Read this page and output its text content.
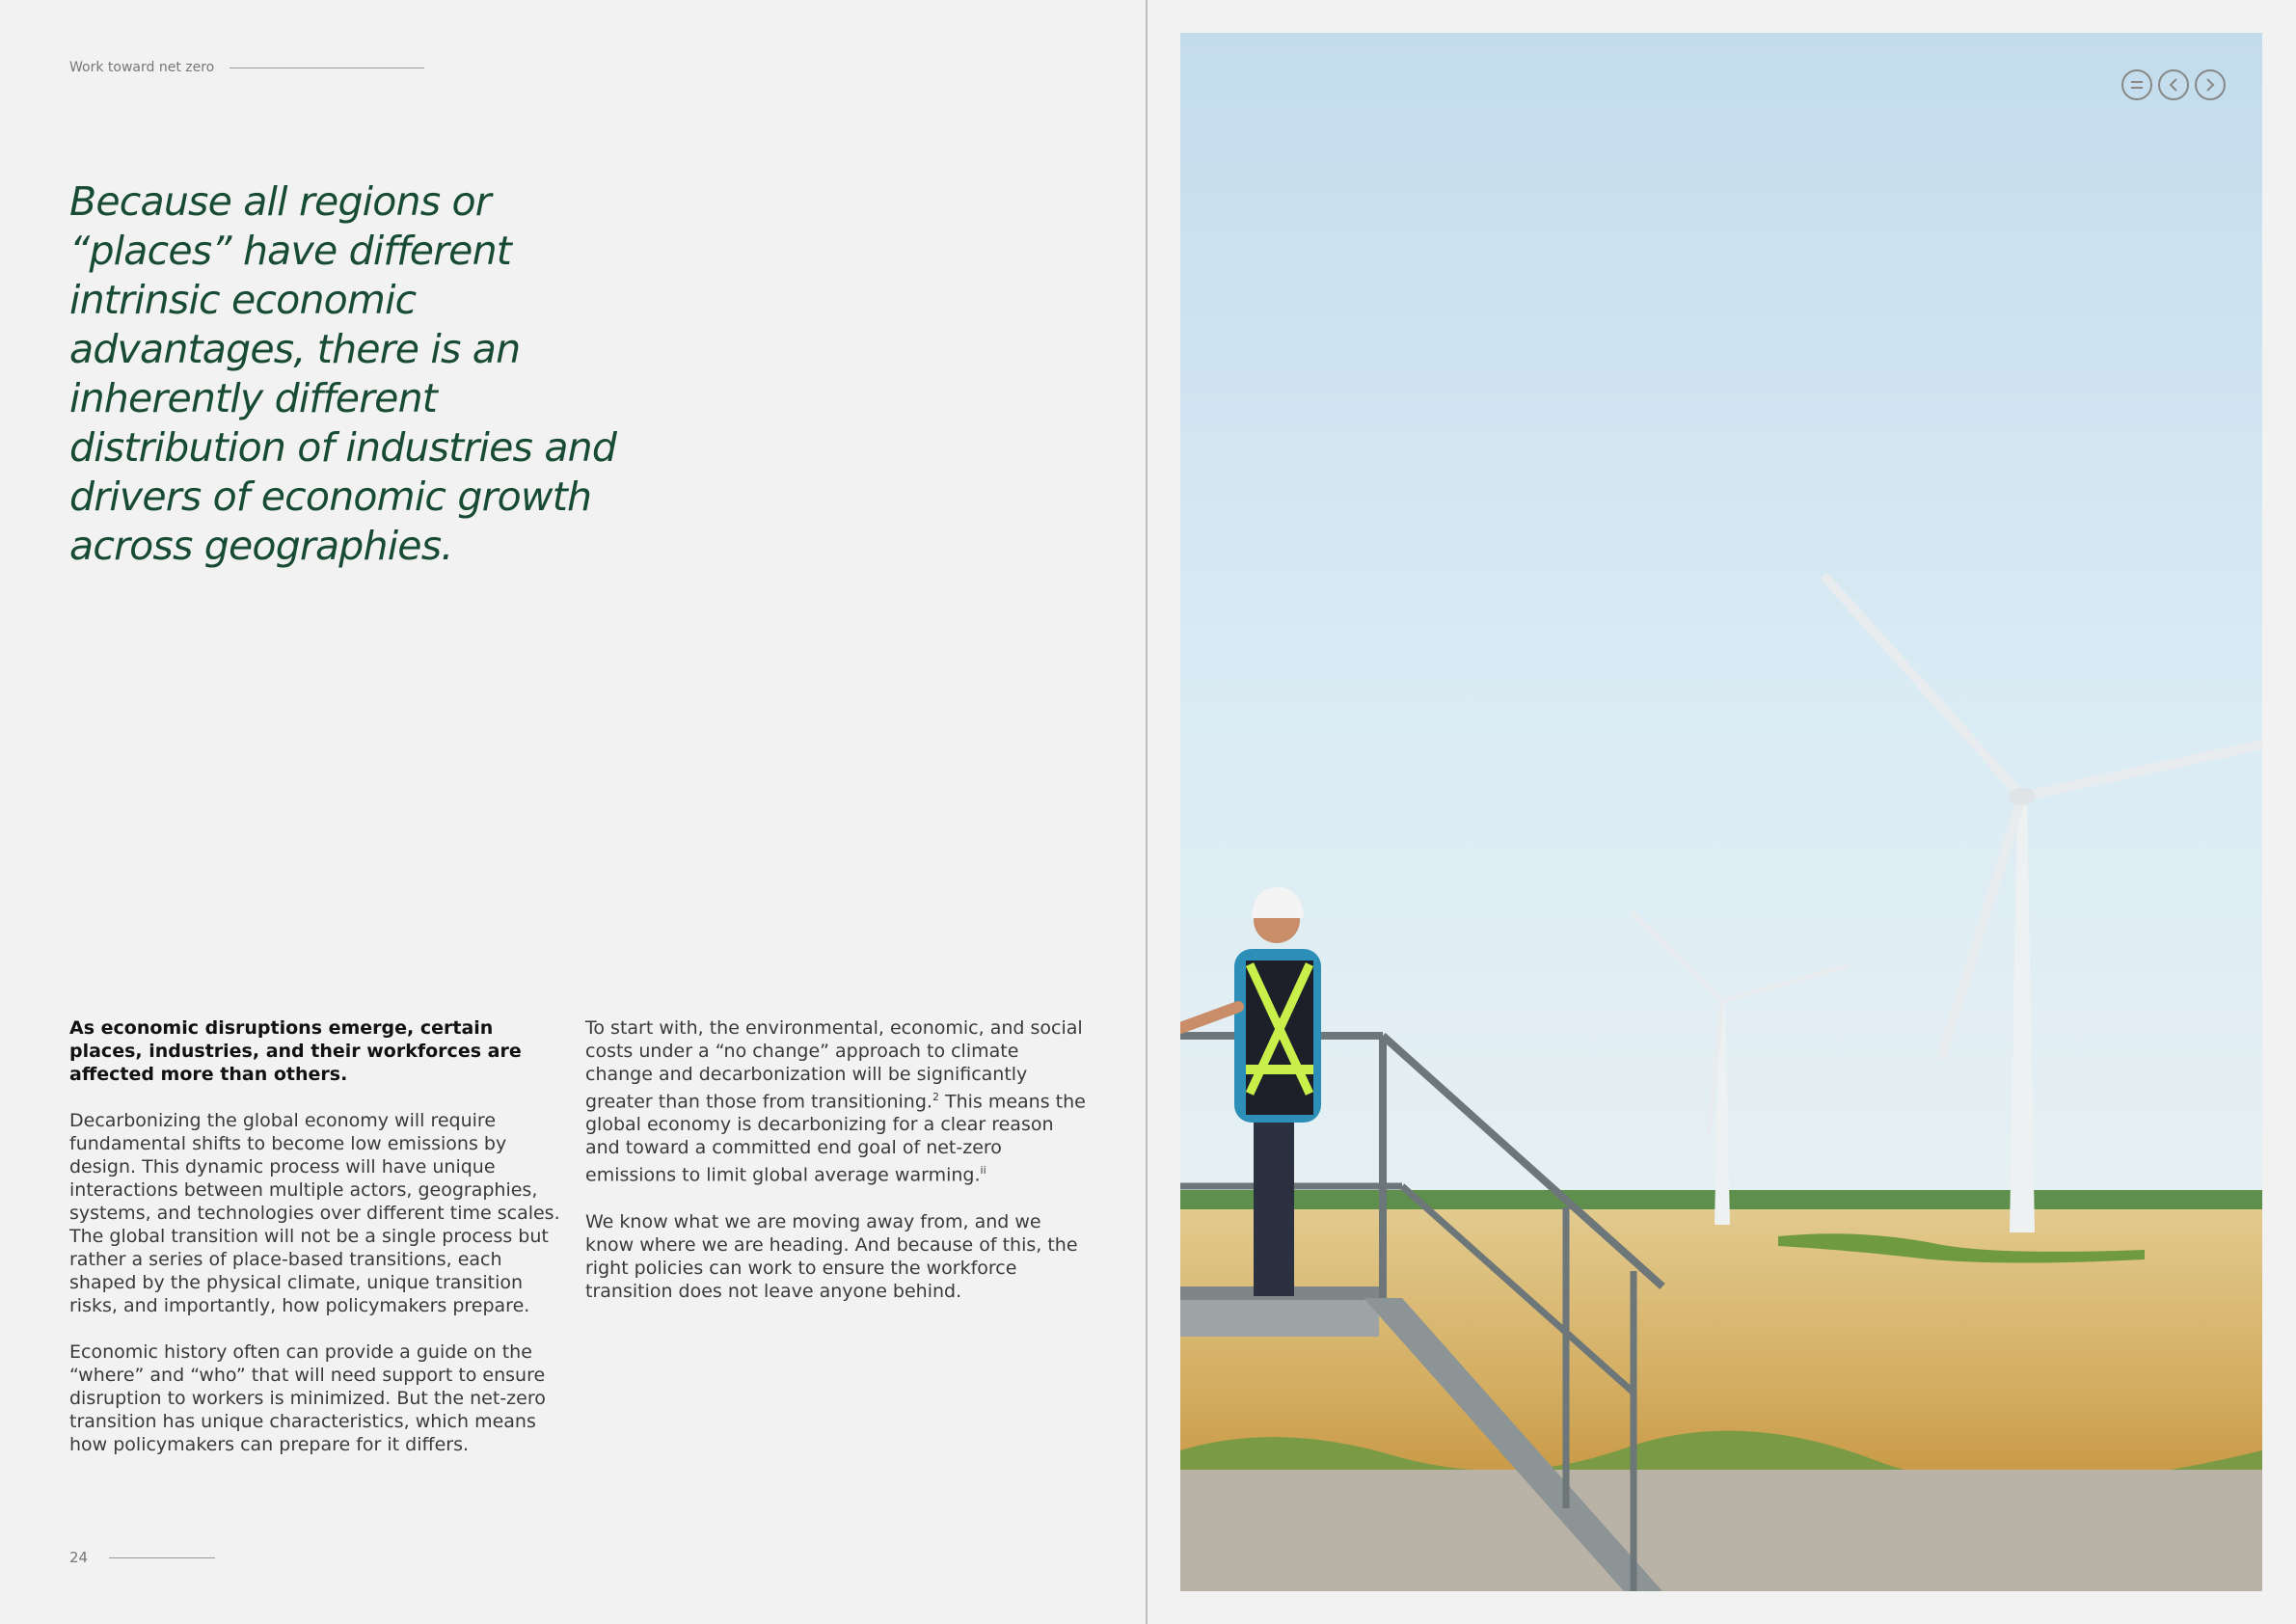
Work toward net zero

Because all regions or “places” have different intrinsic economic advantages, there is an inherently different distribution of industries and drivers of economic growth across geographies.

As economic disruptions emerge, certain places, industries, and their workforces are affected more than others.

Decarbonizing the global economy will require fundamental shifts to become low emissions by design. This dynamic process will have unique interactions between multiple actors, geographies, systems, and technologies over different time scales. The global transition will not be a single process but rather a series of place-based transitions, each shaped by the physical climate, unique transition risks, and importantly, how policymakers prepare.

Economic history often can provide a guide on the “where” and “who” that will need support to ensure disruption to workers is minimized. But the net-zero transition has unique characteristics, which means how policymakers can prepare for it differs.

To start with, the environmental, economic, and social costs under a “no change” approach to climate change and decarbonization will be significantly greater than those from transitioning.$^2$ This means the global economy is decarbonizing for a clear reason and toward a committed end goal of net-zero emissions to limit global average warming.$^{ii}$

We know what we are moving away from, and we know where we are heading. And because of this, the right policies can work to ensure the workforce transition does not leave anyone behind.

24
